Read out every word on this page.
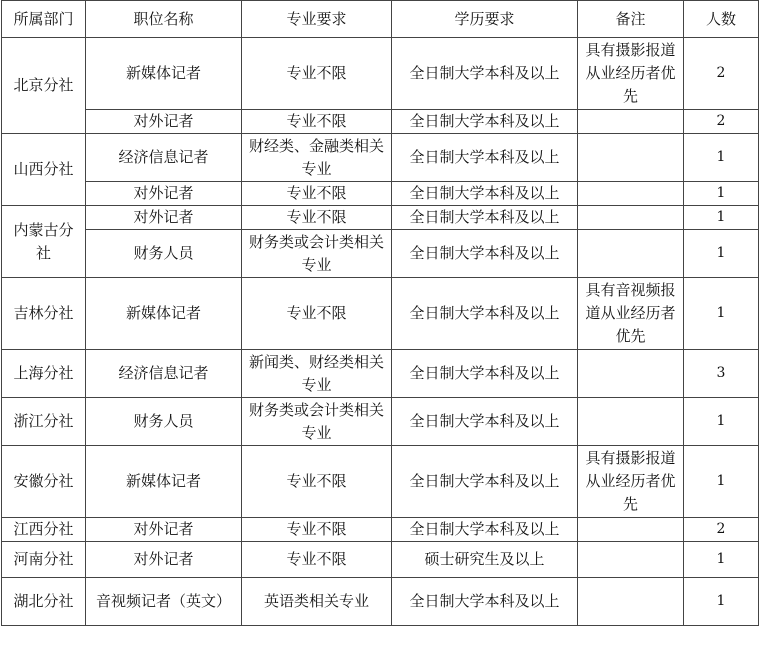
所属部门	职位名称	专业要求	学历要求	备注	人数
北京分社	新媒体记者	专业不限	全日制大学本科及以上	具有摄影报道从业经历者优先	2
	对外记者	专业不限	全日制大学本科及以上		2
山西分社	经济信息记者	财经类、金融类相关专业	全日制大学本科及以上		1
	对外记者	专业不限	全日制大学本科及以上		1
内蒙古分社	对外记者	专业不限	全日制大学本科及以上		1
	财务人员	财务类或会计类相关专业	全日制大学本科及以上		1
吉林分社	新媒体记者	专业不限	全日制大学本科及以上	具有音视频报道从业经历者优先	1
上海分社	经济信息记者	新闻类、财经类相关专业	全日制大学本科及以上		3
浙江分社	财务人员	财务类或会计类相关专业	全日制大学本科及以上		1
安徽分社	新媒体记者	专业不限	全日制大学本科及以上	具有摄影报道从业经历者优先	1
江西分社	对外记者	专业不限	全日制大学本科及以上		2
河南分社	对外记者	专业不限	硕士研究生及以上		1
湖北分社	音视频记者（英文）	英语类相关专业	全日制大学本科及以上		1
